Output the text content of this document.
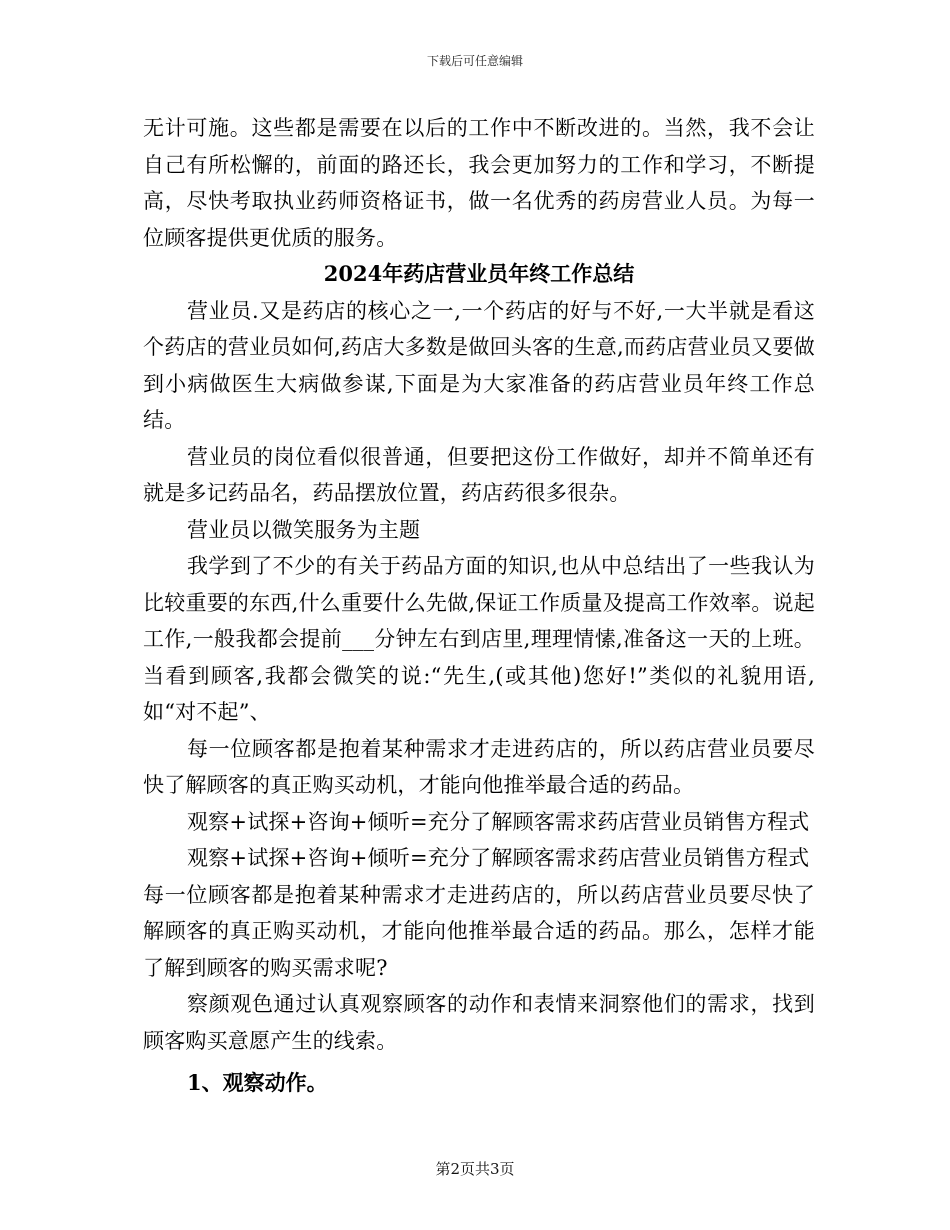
下载后可任意编辑

无计可施。这些都是需要在以后的工作中不断改进的。当然，我不会让自己有所松懈的，前面的路还长，我会更加努力的工作和学习，不断提高，尽快考取执业药师资格证书，做一名优秀的药房营业人员。为每一位顾客提供更优质的服务。

2024年药店营业员年终工作总结

营业员.又是药店的核心之一,一个药店的好与不好,一大半就是看这个药店的营业员如何,药店大多数是做回头客的生意,而药店营业员又要做到小病做医生大病做参谋,下面是为大家准备的药店营业员年终工作总结。

营业员的岗位看似很普通，但要把这份工作做好，却并不简单还有就是多记药品名，药品摆放位置，药店药很多很杂。

营业员以微笑服务为主题

我学到了不少的有关于药品方面的知识,也从中总结出了一些我认为比较重要的东西,什么重要什么先做,保证工作质量及提高工作效率。说起工作,一般我都会提前___分钟左右到店里,理理情愫,准备这一天的上班。当看到顾客,我都会微笑的说:“先生,(或其他)您好!”类似的礼貌用语,如“对不起”、

每一位顾客都是抱着某种需求才走进药店的，所以药店营业员要尽快了解顾客的真正购买动机，才能向他推举最合适的药品。

观察+试探+咨询+倾听=充分了解顾客需求药店营业员销售方程式

观察+试探+咨询+倾听=充分了解顾客需求药店营业员销售方程式

每一位顾客都是抱着某种需求才走进药店的，所以药店营业员要尽快了解顾客的真正购买动机，才能向他推举最合适的药品。那么，怎样才能了解到顾客的购买需求呢?

察颜观色通过认真观察顾客的动作和表情来洞察他们的需求，找到顾客购买意愿产生的线索。

1、观察动作。

第2页共3页
